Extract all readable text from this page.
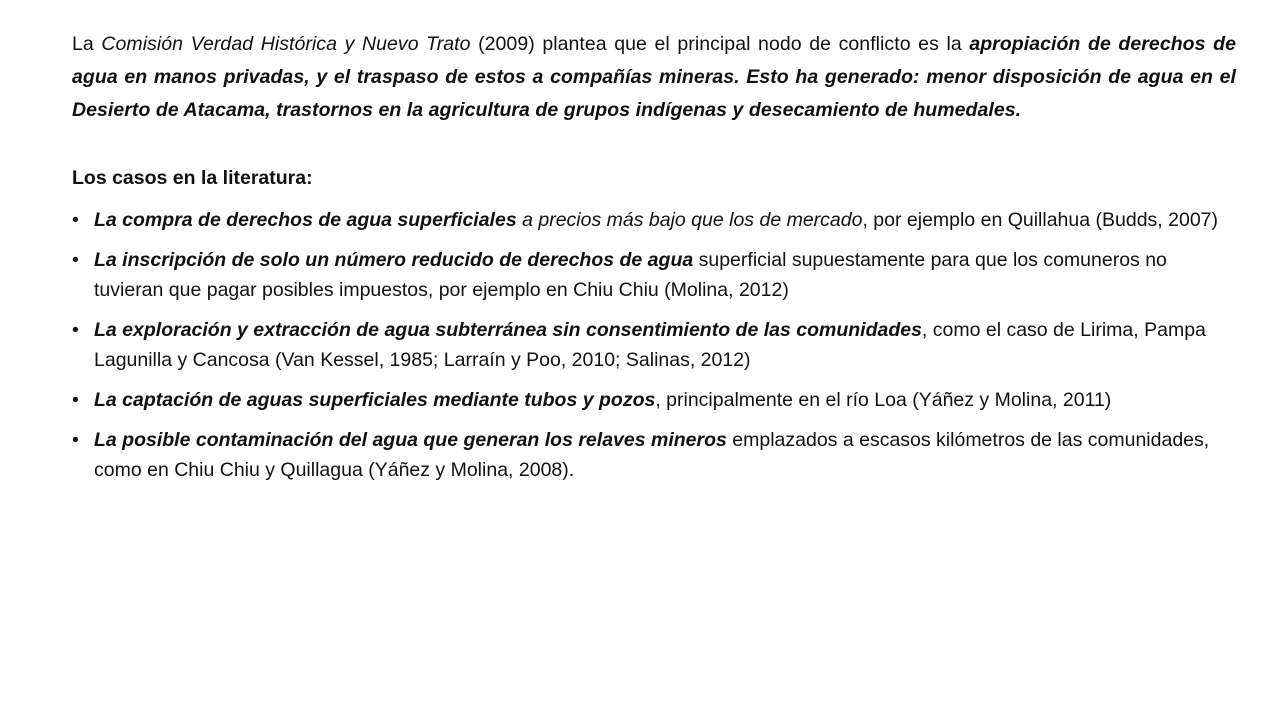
La Comisión Verdad Histórica y Nuevo Trato (2009) plantea que el principal nodo de conflicto es la apropiación de derechos de agua en manos privadas, y el traspaso de estos a compañías mineras. Esto ha generado: menor disposición de agua en el Desierto de Atacama, trastornos en la agricultura de grupos indígenas y desecamiento de humedales.

Los casos en la literatura:
• La compra de derechos de agua superficiales a precios más bajo que los de mercado, por ejemplo en Quillahua (Budds, 2007)
• La inscripción de solo un número reducido de derechos de agua superficial supuestamente para que los comuneros no tuvieran que pagar posibles impuestos, por ejemplo en Chiu Chiu (Molina, 2012)
• La exploración y extracción de agua subterránea sin consentimiento de las comunidades, como el caso de Lirima, Pampa Lagunilla y Cancosa (Van Kessel, 1985; Larraín y Poo, 2010; Salinas, 2012)
• La captación de aguas superficiales mediante tubos y pozos, principalmente en el río Loa (Yáñez y Molina, 2011)
• La posible contaminación del agua que generan los relaves mineros emplazados a escasos kilómetros de las comunidades, como en Chiu Chiu y Quillagua (Yáñez y Molina, 2008).
